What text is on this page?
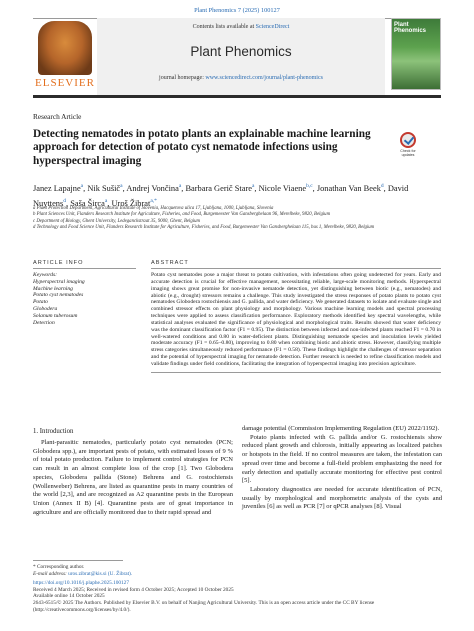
Plant Phenomics 7 (2025) 100127
ELSEVIER
Contents lists available at ScienceDirect
Plant Phenomics
journal homepage: www.sciencedirect.com/journal/plant-phenomics
Plant Phenomics
Research Article
Detecting nematodes in potato plants an explainable machine learning approach for detection of potato cyst nematode infections using hyperspectral imaging
Check for updates
Janez Lapajne$^a$, Nik Sušič$^a$, Andrej Vončina$^a$, Barbara Gerič Stare$^a$, Nicole Viaene$^{b,c}$, Jonathan Van Beek$^d$, David Nuyttens$^d$, Saša Širca$^a$, Uroš Žibrat$^{a,*}$
a Plant Protection Department, Agricultural Institute of Slovenia, Hacquetova ulica 17, Ljubljana, 1000, Ljubljana, Slovenia
b Plant Sciences Unit, Flanders Research Institute for Agriculture, Fisheries, and Food, Burgemeester Van Gansberghelaan 96, Merelbeke, 9820, Belgium
c Department of Biology, Ghent University, Ledeganckstraat 35, 9000, Ghent, Belgium
d Technology and Food Science Unit, Flanders Research Institute for Agriculture, Fisheries, and Food, Burgemeester Van Gansberghelaan 115, bus 1, Merelbeke, 9820, Belgium
ARTICLE INFO
Keywords:
Hyperspectral imaging
Machine learning
Potato cyst nematodes
Potato
Globodera
Solanum tuberosum
Detection
ABSTRACT
Potato cyst nematodes pose a major threat to potato cultivation, with infestations often going undetected for years. Early and accurate detection is crucial for effective management, necessitating reliable, large-scale monitoring methods. Hyperspectral imaging shows great promise for non-invasive nematode detection, yet distinguishing between biotic (e.g., nematodes) and abiotic (e.g., drought) stressors remains a challenge. This study investigated the stress responses of potato plants to potato cyst nematodes Globodera rostochiensis and G. pallida, and water deficiency. We generated datasets to isolate and evaluate single and combined stressor effects on plant physiology and morphology. Various machine learning models and spectral processing techniques were applied to assess classification performance. Exploratory methods identified key spectral wavelengths, while statistical analyses evaluated the significance of physiological and morphological traits. Results showed that water deficiency was the dominant classification factor (F1 = 0.95). The distinction between infected and non-infected plants reached F1 = 0.70 in well-watered conditions and 0.80 in water-deficient plants. Distinguishing nematode species and inoculation levels yielded moderate accuracy (F1 = 0.65–0.80), improving to 0.80 when combining biotic and abiotic stress. However, classifying multiple stress categories simultaneously reduced performance (F1 = 0.58). These findings highlight the challenges of stressor separation and the potential of hyperspectral imaging for nematode detection. Further research is needed to refine classification models and validate findings under field conditions, facilitating the integration of hyperspectral imaging into precision agriculture.
1. Introduction
Plant-parasitic nematodes, particularly potato cyst nematodes (PCN; Globodera spp.), are important pests of potato, with estimated losses of 9 % of total potato production. Failure to implement control strategies for PCN can result in an almost complete loss of the crop [1]. Two Globodera species, Globodera pallida (Stone) Behrens and G. rostochiensis (Wollenweber) Behrens, are listed as quarantine pests in many countries of the world [2,3], and are recognized as A2 quarantine pests in the European Union (Annex II B) [4]. Quarantine pests are of great importance in agriculture and are officially monitored due to their rapid spread and
damage potential (Commission Implementing Regulation (EU) 2022/1192).
Potato plants infected with G. pallida and/or G. rostochiensis show reduced plant growth and chlorosis, initially appearing as localized patches or hotspots in the field. If no control measures are taken, the infestation can spread over time and become a full-field problem emphasizing the need for early detection and spatially accurate monitoring for effective pest control [5].
Laboratory diagnostics are needed for accurate identification of PCN, usually by morphological and morphometric analysis of the cysts and juveniles [6] as well as PCR [7] or qPCR analyses [8]. Visual
* Corresponding author.
E-mail address: uros.zibrat@kis.si (U. Žibrat).
https://doi.org/10.1016/j.plaphe.2025.100127
Received 4 March 2025; Received in revised form 4 October 2025; Accepted 10 October 2025
Available online 14 October 2025
2643-6515/© 2025 The Authors. Published by Elsevier B.V. on behalf of Nanjing Agricultural University. This is an open access article under the CC BY license (http://creativecommons.org/licenses/by/4.0/).
